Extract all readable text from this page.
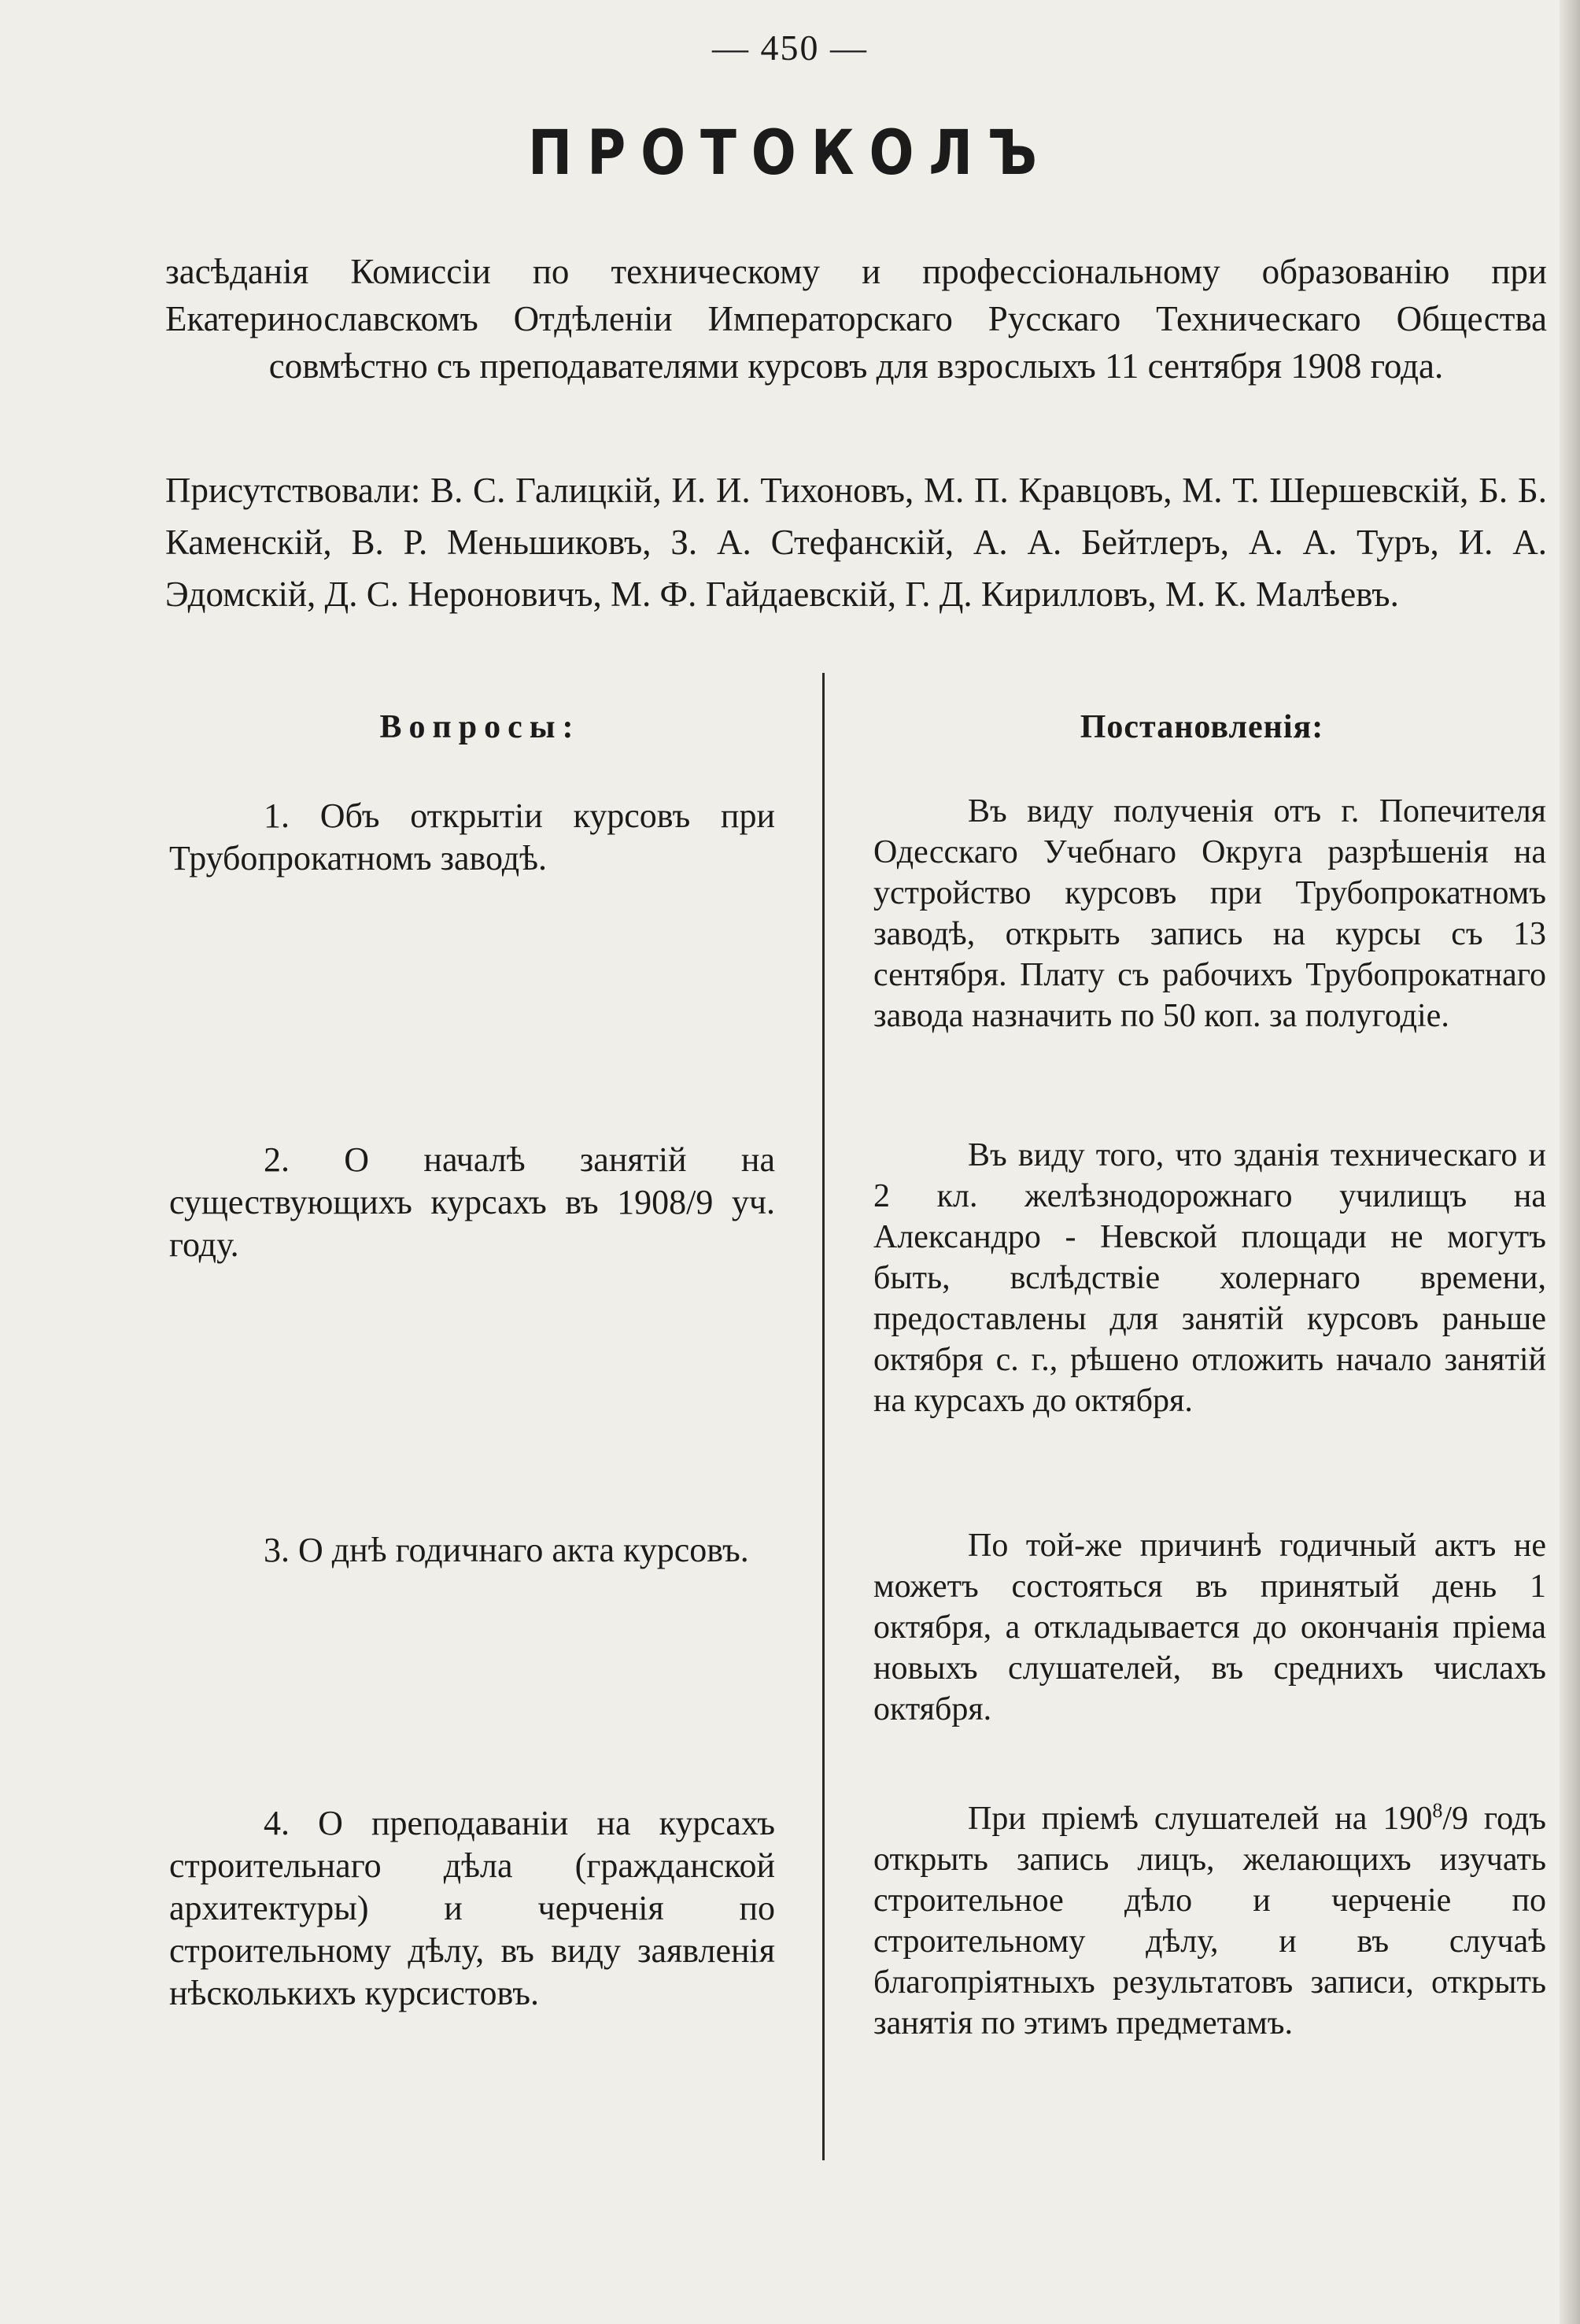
— 450 —
ПРОТОКОЛЪ
засѣданія Комиссіи по техническому и профессіональному образованію при Екатеринославскомъ Отдѣленіи Императорскаго Русскаго Техническаго Общества совмѣстно съ преподавателями курсовъ для взрослыхъ 11 сентября 1908 года.
Присутствовали: В. С. Галицкій, И. И. Тихоновъ, М. П. Кравцовъ, М. Т. Шершевскій, Б. Б. Каменскій, В. Р. Меньшиковъ, З. А. Стефанскій, А. А. Бейтлеръ, А. А. Туръ, И. А. Эдомскій, Д. С. Нероновичъ, М. Ф. Гайдаевскій, Г. Д. Кирилловъ, М. К. Малѣевъ.
Вопросы:	Постановленія:
1. Объ открытіи курсовъ при Трубопрокатномъ заводѣ.
Въ виду полученія отъ г. Попечителя Одесскаго Учебнаго Округа разрѣшенія на устройство курсовъ при Трубопрокатномъ заводѣ, открыть запись на курсы съ 13 сентября. Плату съ рабочихъ Трубопрокатнаго завода назначить по 50 коп. за полугодіе.
2. О началѣ занятій на существующихъ курсахъ въ 1908/9 уч. году.
Въ виду того, что зданія техническаго и 2 кл. желѣзнодорожнаго училищъ на Александро - Невской площади не могутъ быть, вслѣдствіе холернаго времени, предоставлены для занятій курсовъ раньше октября с. г., рѣшено отложить начало занятій на курсахъ до октября.
3. О днѣ годичнаго акта курсовъ.	По той-же причинѣ годичный актъ не можетъ состояться въ принятый день 1 октября, а откладывается до окончанія пріема новыхъ слушателей, въ среднихъ числахъ октября.
4. О преподаваніи на курсахъ строительнаго дѣла (гражданской архитектуры) и черченія по строительному дѣлу, въ виду заявленія нѣсколькихъ курсистовъ.
При пріемѣ слушателей на $190^8/9$ годъ открыть запись лицъ, желающихъ изучать строительное дѣло и черченіе по строительному дѣлу, и въ случаѣ благопріятныхъ результатовъ записи, открыть занятія по этимъ предметамъ.
